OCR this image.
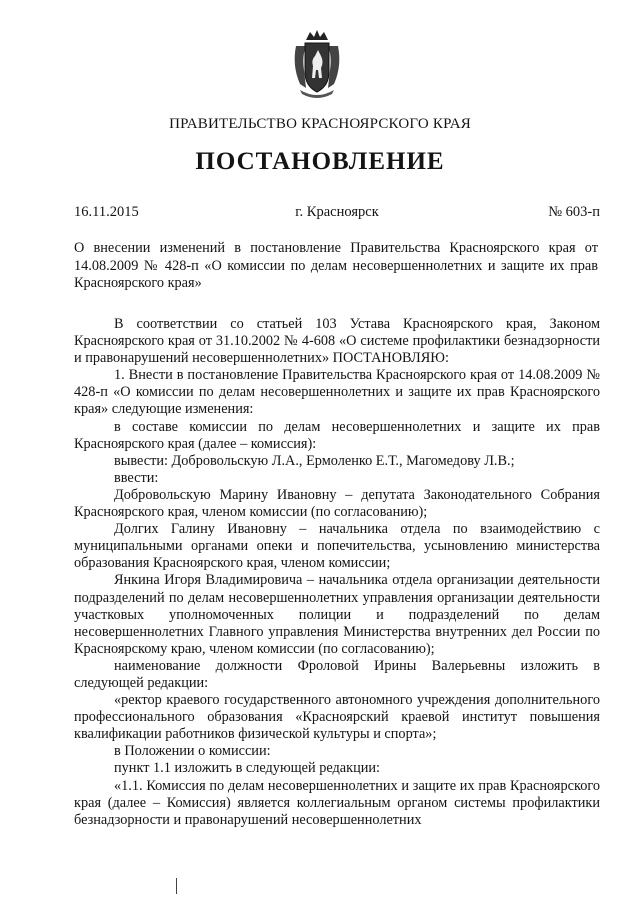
ПРАВИТЕЛЬСТВО КРАСНОЯРСКОГО КРАЯ
ПОСТАНОВЛЕНИЕ
г. Красноярск
16.11.2015	№ 603-п
О внесении изменений в постановление Правительства Красноярского края от 14.08.2009 № 428-п «О комиссии по делам несовершеннолетних и защите их прав Красноярского края»

В соответствии со статьей 103 Устава Красноярского края, Законом Красноярского края от 31.10.2002 № 4-608 «О системе профилактики безнадзорности и правонарушений несовершеннолетних» ПОСТАНОВЛЯЮ:

1. Внести в постановление Правительства Красноярского края от 14.08.2009 № 428-п «О комиссии по делам несовершеннолетних и защите их прав Красноярского края» следующие изменения:

в составе комиссии по делам несовершеннолетних и защите их прав Красноярского края (далее – комиссия):

вывести: Добровольскую Л.А., Ермоленко Е.Т., Магомедову Л.В.;

ввести:

Добровольскую Марину Ивановну – депутата Законодательного Собрания Красноярского края, членом комиссии (по согласованию);

Долгих Галину Ивановну – начальника отдела по взаимодействию с муниципальными органами опеки и попечительства, усыновлению министерства образования Красноярского края, членом комиссии;

Янкина Игоря Владимировича – начальника отдела организации деятельности подразделений по делам несовершеннолетних управления организации деятельности участковых уполномоченных полиции и подразделений по делам несовершеннолетних Главного управления Министерства внутренних дел России по Красноярскому краю, членом комиссии (по согласованию);

наименование должности Фроловой Ирины Валерьевны изложить в следующей редакции:

«ректор краевого государственного автономного учреждения дополнительного профессионального образования «Красноярский краевой институт повышения квалификации работников физической культуры и спорта»;

в Положении о комиссии:

пункт 1.1 изложить в следующей редакции:

«1.1. Комиссия по делам несовершеннолетних и защите их прав Красноярского края (далее – Комиссия) является коллегиальным органом системы профилактики безнадзорности и правонарушений несовершеннолетних
